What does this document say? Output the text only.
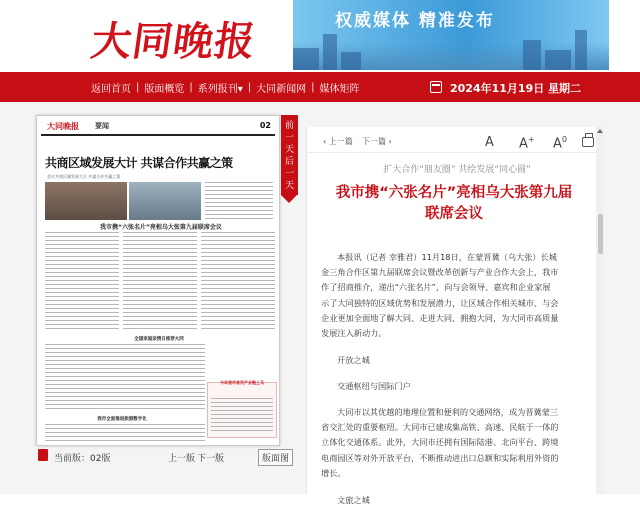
大同晚报	权威媒体 精准发布
返回首页 | 版面概览 | 系列报刊▾ | 大同新闻网 | 媒体矩阵	2024年11月19日 星期二
大同晚报 要闻	02
共商区域发展大计 共谋合作共赢之策
会议共商区域发展大计 共谋合作共赢之策
我市携“六张名片”亮相乌大张第九届联席会议
全国家庭亲情日推荐大同
今年我市首页产业链上马
我市全面推进旅游数字化
当前版：02版	上一版 下一版	版面图
前
一
天
后
一
天
‹ 上一篇 下一篇 ›	A A+ $A^0$
扩大合作“朋友圈” 共绘发展“同心圆”
我市携“六张名片”亮相乌大张第九届
联席会议
本报讯（记者 幸雅君）11月18日，在蒙晋冀（乌大张）长城
金三角合作区第九届联席会议暨改革创新与产业合作大会上，我市
作了招商推介，递出“六张名片”，向与会领导、嘉宾和企业家展
示了大同独特的区域优势和发展潜力，让区域合作相关城市、与会
企业更加全面地了解大同、走进大同、拥抱大同，为大同市高质量
发展注入新动力。
开放之城
交通枢纽与国际门户
大同市以其优越的地理位置和便利的交通网络，成为晋冀蒙三
省交汇处的重要枢纽。大同市已建成集高铁、高速、民航于一体的
立体化交通体系。此外，大同市还拥有国际陆港、北向平台、跨境
电商园区等对外开放平台，不断推动进出口总额和实际利用外资的
增长。
文旅之城
